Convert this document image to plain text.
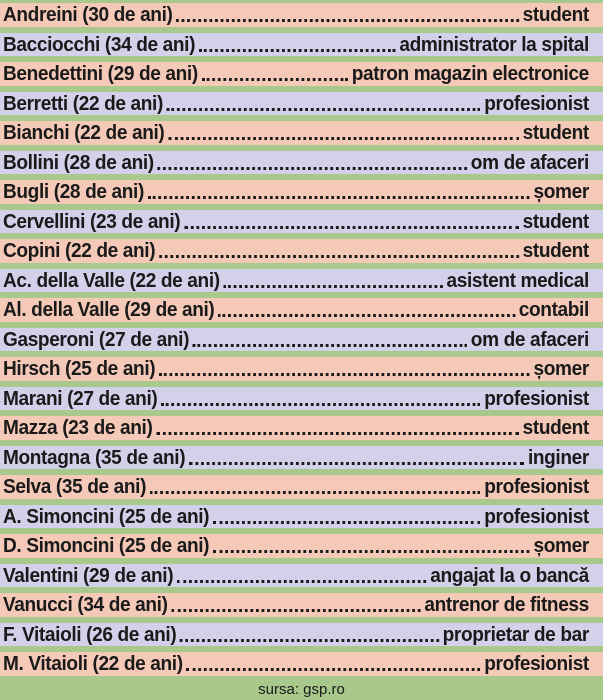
Andreini (30 de ani)	student
Bacciocchi (34 de ani)	administrator la spital
Benedettini (29 de ani)	patron magazin electronice
Berretti (22 de ani)	profesionist
Bianchi (22 de ani)	student
Bollini (28 de ani)	om de afaceri
Bugli (28 de ani)	șomer
Cervellini (23 de ani)	student
Copini (22 de ani)	student
Ac. della Valle (22 de ani)	asistent medical
Al. della Valle (29 de ani)	contabil
Gasperoni (27 de ani)	om de afaceri
Hirsch (25 de ani)	șomer
Marani (27 de ani)	profesionist
Mazza (23 de ani)	student
Montagna (35 de ani)	inginer
Selva (35 de ani)	profesionist
A. Simoncini (25 de ani)	profesionist
D. Simoncini (25 de ani)	șomer
Valentini (29 de ani)	angajat la o bancă
Vanucci (34 de ani)	antrenor de fitness
F. Vitaioli (26 de ani)	proprietar de bar
M. Vitaioli (22 de ani)	profesionist
sursa: gsp.ro
